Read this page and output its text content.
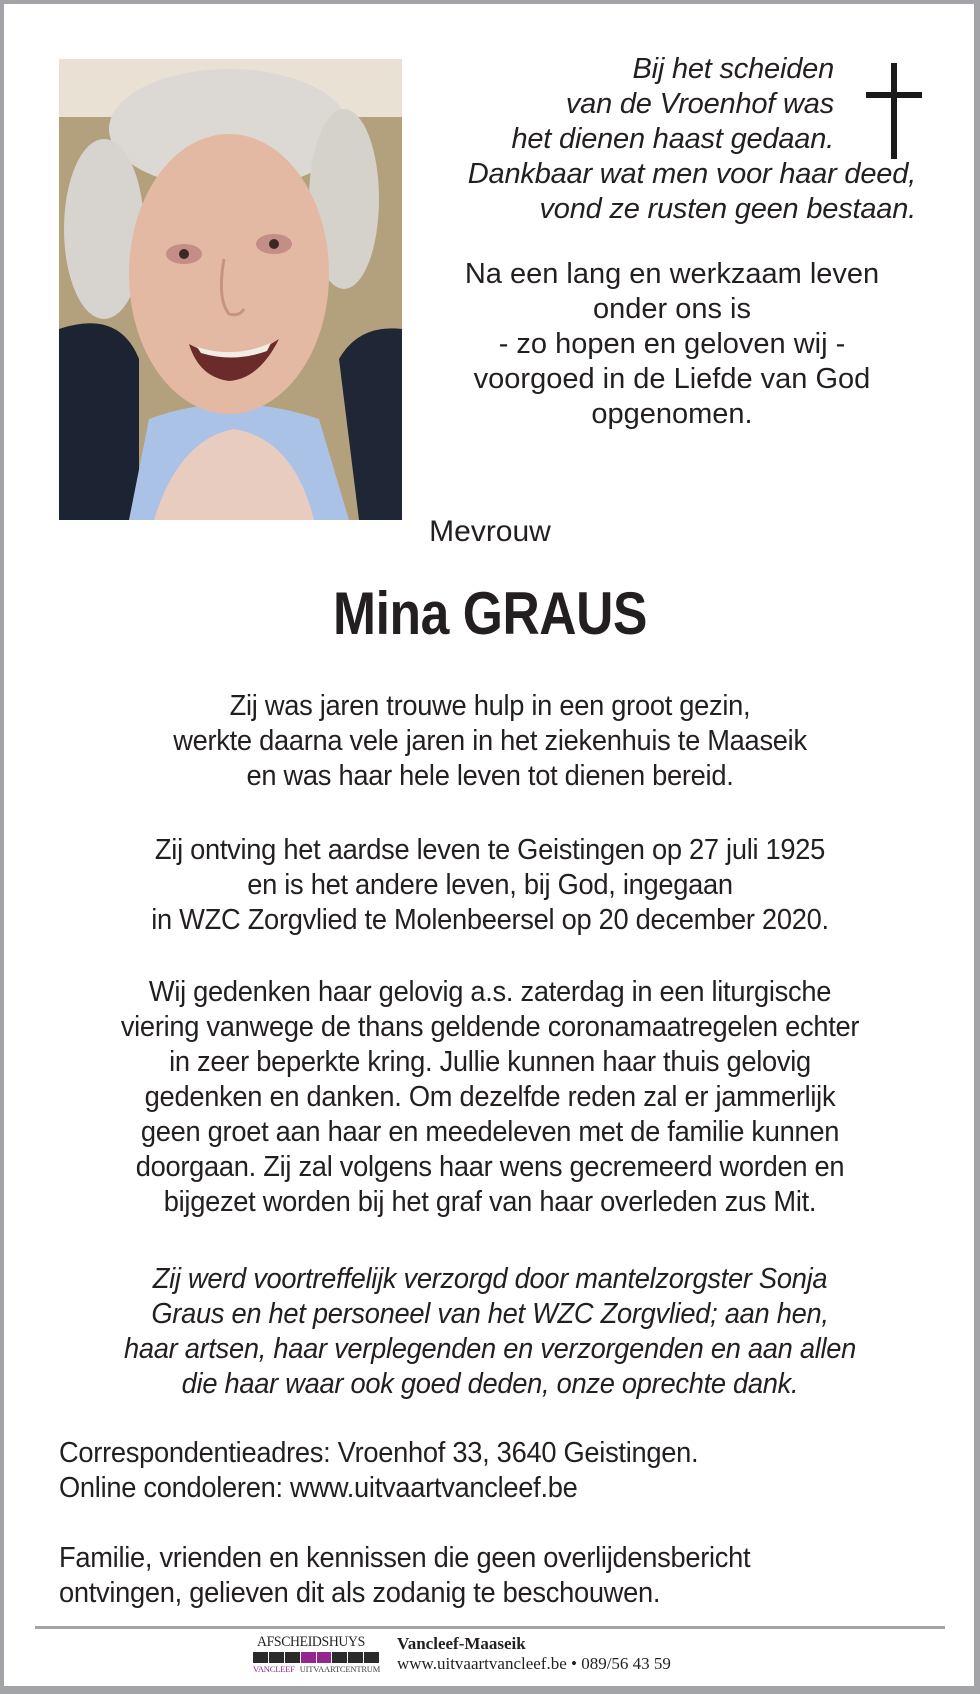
Bij het scheiden
van de Vroenhof was
het dienen haast gedaan.
Dankbaar wat men voor haar deed,
vond ze rusten geen bestaan.
Na een lang en werkzaam leven
onder ons is
- zo hopen en geloven wij -
voorgoed in de Liefde van God
opgenomen.
Mevrouw
Mina GRAUS
Zij was jaren trouwe hulp in een groot gezin,
werkte daarna vele jaren in het ziekenhuis te Maaseik
en was haar hele leven tot dienen bereid.
Zij ontving het aardse leven te Geistingen op 27 juli 1925
en is het andere leven, bij God, ingegaan
in WZC Zorgvlied te Molenbeersel op 20 december 2020.
Wij gedenken haar gelovig a.s. zaterdag in een liturgische
viering vanwege de thans geldende coronamaatregelen echter
in zeer beperkte kring. Jullie kunnen haar thuis gelovig
gedenken en danken. Om dezelfde reden zal er jammerlijk
geen groet aan haar en meedeleven met de familie kunnen
doorgaan. Zij zal volgens haar wens gecremeerd worden en
bijgezet worden bij het graf van haar overleden zus Mit.
Zij werd voortreffelijk verzorgd door mantelzorgster Sonja
Graus en het personeel van het WZC Zorgvlied; aan hen,
haar artsen, haar verplegenden en verzorgenden en aan allen
die haar waar ook goed deden, onze oprechte dank.
Correspondentieadres: Vroenhof 33, 3640 Geistingen.
Online condoleren: www.uitvaartvancleef.be
Familie, vrienden en kennissen die geen overlijdensbericht
ontvingen, gelieven dit als zodanig te beschouwen.
AFSCHEIDSHUYS
VANCLEEF UITVAARTCENTRUM
Vancleef-Maaseik
www.uitvaartvancleef.be • 089/56 43 59
